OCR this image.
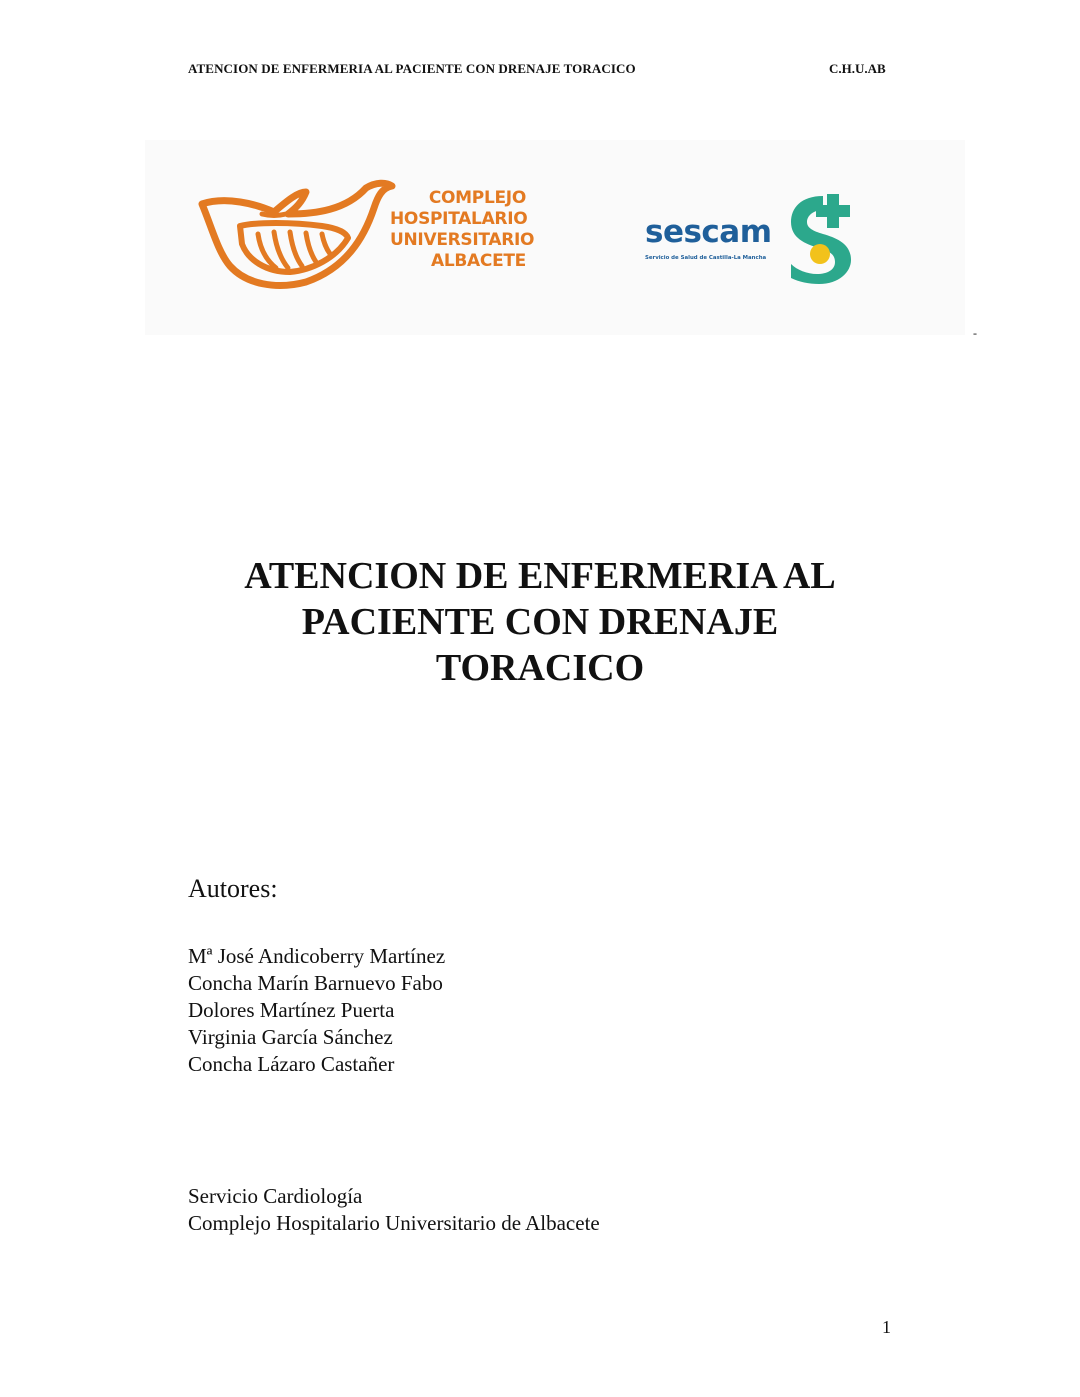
ATENCION DE ENFERMERIA AL PACIENTE CON DRENAJE TORACICO	C.H.U.AB
COMPLEJO
HOSPITALARIO
UNIVERSITARIO
ALBACETE
sescam
Servicio de Salud de Castilla-La Mancha
-
ATENCION DE ENFERMERIA AL
PACIENTE CON DRENAJE
TORACICO
Autores:
Mª José Andicoberry Martínez
Concha Marín Barnuevo Fabo
Dolores Martínez Puerta
Virginia García Sánchez
Concha Lázaro Castañer
Servicio Cardiología
Complejo Hospitalario Universitario de Albacete
1
